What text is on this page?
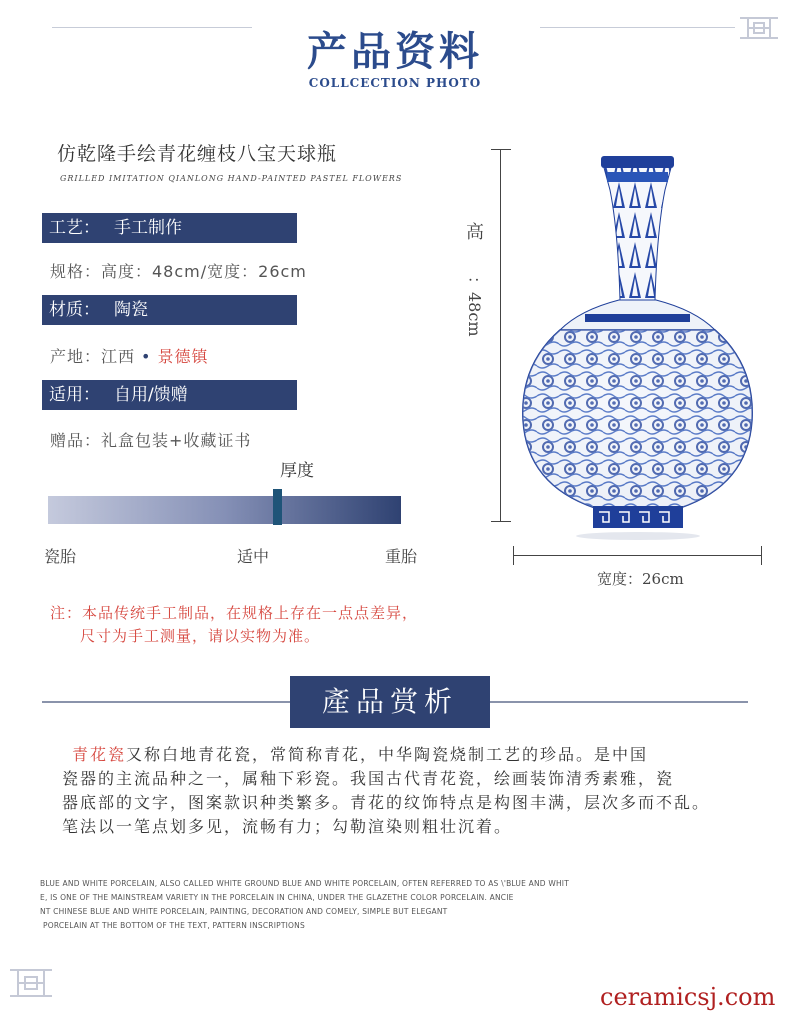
产品资料
COLLCECTION PHOTO
仿乾隆手绘青花缠枝八宝天球瓶
GRILLED IMITATION QIANLONG HAND-PAINTED PASTEL FLOWERS
工艺： 手工制作
规格：高度：48cm/宽度：26cm
材质： 陶瓷
产地：江西 • 景德镇
适用： 自用/馈赠
赠品：礼盒包装+收藏证书
厚度
瓷胎	适中	重胎
注：本品传统手工制品，在规格上存在一点点差异，
尺寸为手工测量，请以实物为准。
高
：48cm
宽度：26cm
產品赏析
青花瓷又称白地青花瓷，常简称青花，中华陶瓷烧制工艺的珍品。是中国
瓷器的主流品种之一，属釉下彩瓷。我国古代青花瓷，绘画装饰清秀素雅，瓷
器底部的文字，图案款识种类繁多。青花的纹饰特点是构图丰满，层次多而不乱。
笔法以一笔点划多见，流畅有力；勾勒渲染则粗壮沉着。
BLUE AND WHITE PORCELAIN, ALSO CALLED WHITE GROUND BLUE AND WHITE PORCELAIN, OFTEN REFERRED TO AS \'BLUE AND WHIT
E, IS ONE OF THE MAINSTREAM VARIETY IN THE PORCELAIN IN CHINA, UNDER THE GLAZETHE COLOR PORCELAIN. ANCIE
NT CHINESE BLUE AND WHITE PORCELAIN, PAINTING, DECORATION AND COMELY, SIMPLE BUT ELEGANT
PORCELAIN AT THE BOTTOM OF THE TEXT, PATTERN INSCRIPTIONS
ceramicsj.com
